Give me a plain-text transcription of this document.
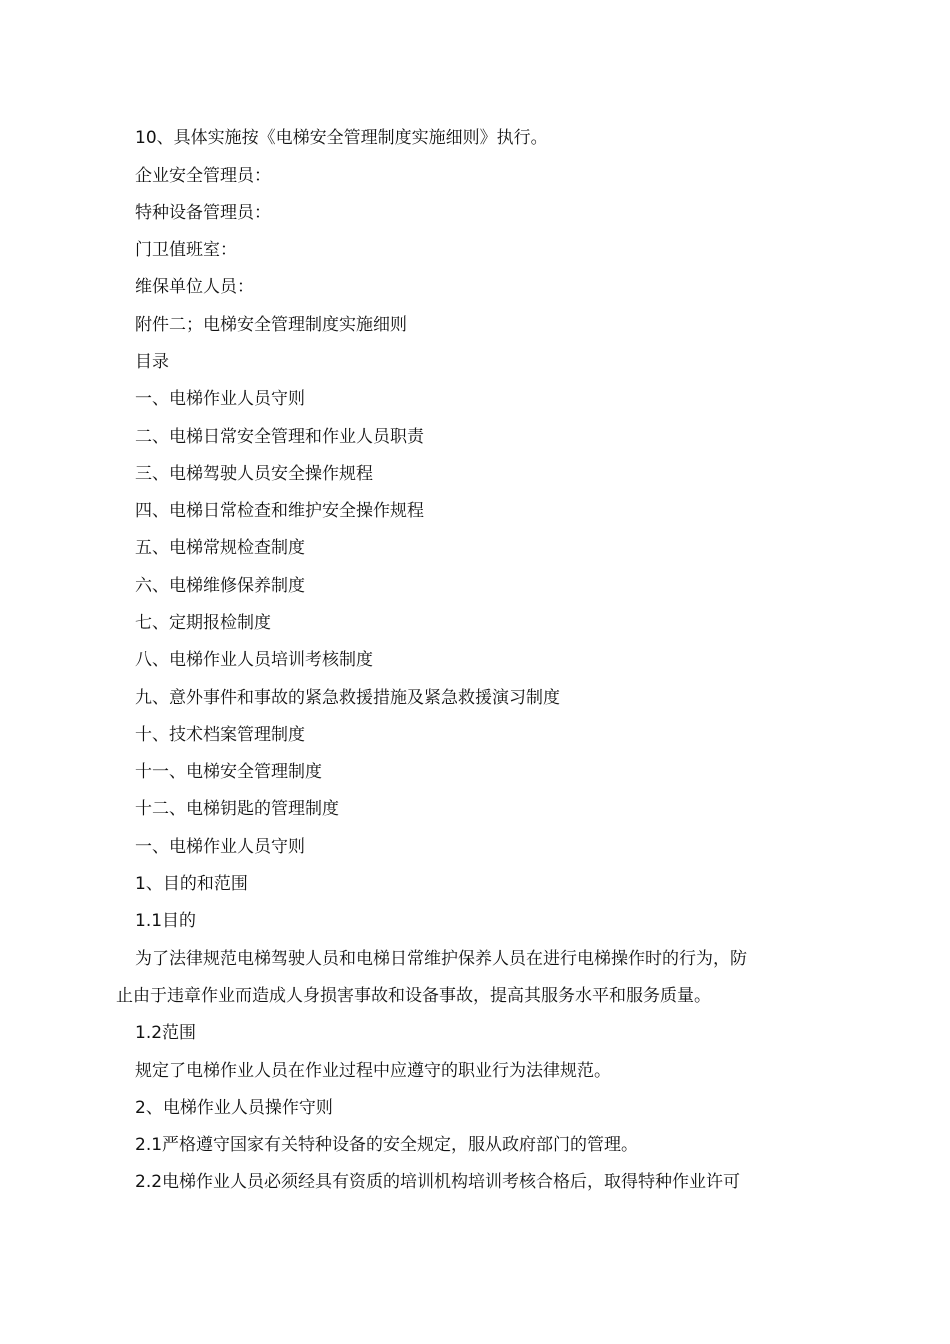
10、具体实施按《电梯安全管理制度实施细则》执行。
企业安全管理员：
特种设备管理员：
门卫值班室：
维保单位人员：
附件二；电梯安全管理制度实施细则
目录
一、电梯作业人员守则
二、电梯日常安全管理和作业人员职责
三、电梯驾驶人员安全操作规程
四、电梯日常检查和维护安全操作规程
五、电梯常规检查制度
六、电梯维修保养制度
七、定期报检制度
八、电梯作业人员培训考核制度
九、意外事件和事故的紧急救援措施及紧急救援演习制度
十、技术档案管理制度
十一、电梯安全管理制度
十二、电梯钥匙的管理制度
一、电梯作业人员守则
1、目的和范围
1.1目的
为了法律规范电梯驾驶人员和电梯日常维护保养人员在进行电梯操作时的行为，防
止由于违章作业而造成人身损害事故和设备事故，提高其服务水平和服务质量。
1.2范围
规定了电梯作业人员在作业过程中应遵守的职业行为法律规范。
2、电梯作业人员操作守则
2.1严格遵守国家有关特种设备的安全规定，服从政府部门的管理。
2.2电梯作业人员必须经具有资质的培训机构培训考核合格后，取得特种作业许可
